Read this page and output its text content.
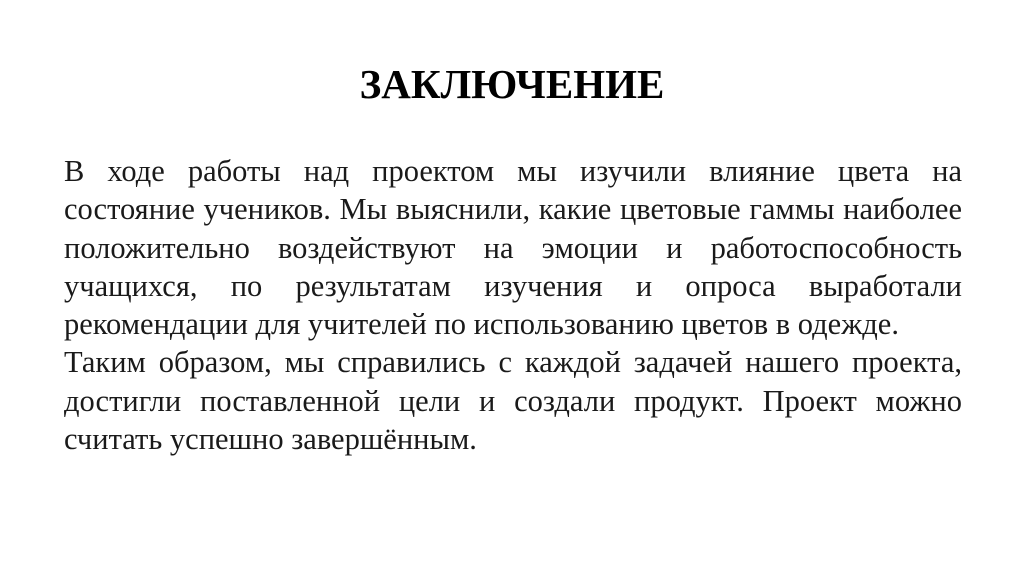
ЗАКЛЮЧЕНИЕ

В ходе работы над проектом мы изучили влияние цвета на состояние учеников. Мы выяснили, какие цветовые гаммы наиболее положительно воздействуют на эмоции и работоспособность учащихся, по результатам изучения и опроса выработали рекомендации для учителей по использованию цветов в одежде.

Таким образом, мы справились с каждой задачей нашего проекта, достигли поставленной цели и создали продукт. Проект можно считать успешно завершённым.
